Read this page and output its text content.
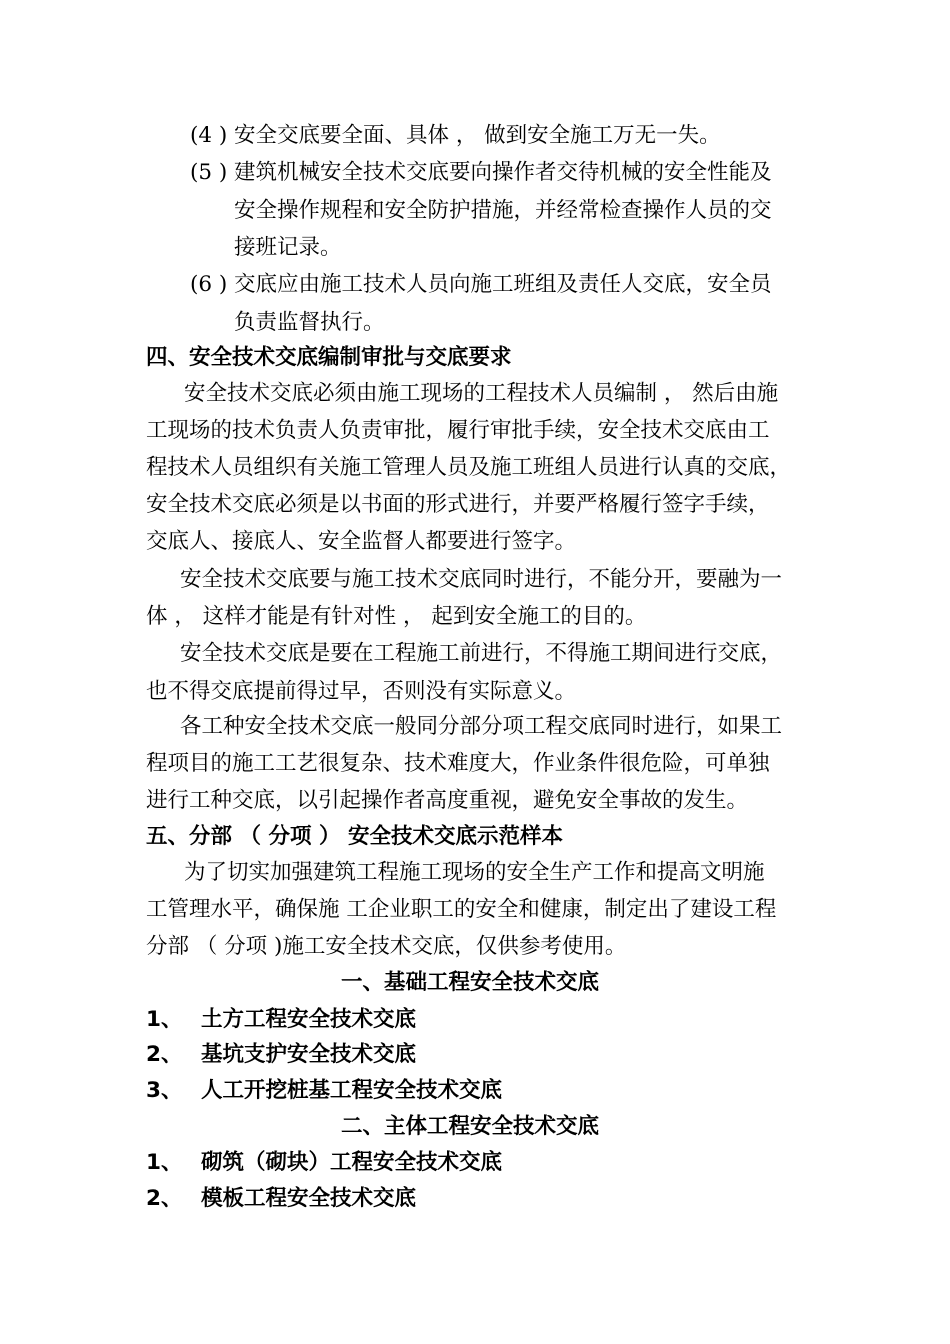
(4 ) 安全交底要全面、具体 ， 做到安全施工万无一失。
(5 ) 建筑机械安全技术交底要向操作者交待机械的安全性能及
安全操作规程和安全防护措施，并经常检查操作人员的交
接班记录。
(6 ) 交底应由施工技术人员向施工班组及责任人交底，安全员
负责监督执行。
四、安全技术交底编制审批与交底要求
安全技术交底必须由施工现场的工程技术人员编制 ， 然后由施
工现场的技术负责人负责审批，履行审批手续，安全技术交底由工
程技术人员组织有关施工管理人员及施工班组人员进行认真的交底，
安全技术交底必须是以书面的形式进行，并要严格履行签字手续，
交底人、接底人、安全监督人都要进行签字。
安全技术交底要与施工技术交底同时进行，不能分开，要融为一
体 ， 这样才能是有针对性 ， 起到安全施工的目的。
安全技术交底是要在工程施工前进行，不得施工期间进行交底，
也不得交底提前得过早，否则没有实际意义。
各工种安全技术交底一般同分部分项工程交底同时进行，如果工
程项目的施工工艺很复杂、技术难度大，作业条件很危险，可单独
进行工种交底，以引起操作者高度重视，避免安全事故的发生。
五、分部 （ 分项 ） 安全技术交底示范样本
为了切实加强建筑工程施工现场的安全生产工作和提高文明施
工管理水平，确保施 工企业职工的安全和健康，制定出了建设工程
分部 （ 分项 )施工安全技术交底，仅供参考使用。
一、基础工程安全技术交底
1、 土方工程安全技术交底
2、 基坑支护安全技术交底
3、 人工开挖桩基工程安全技术交底
二、主体工程安全技术交底
1、 砌筑（砌块）工程安全技术交底
2、 模板工程安全技术交底
